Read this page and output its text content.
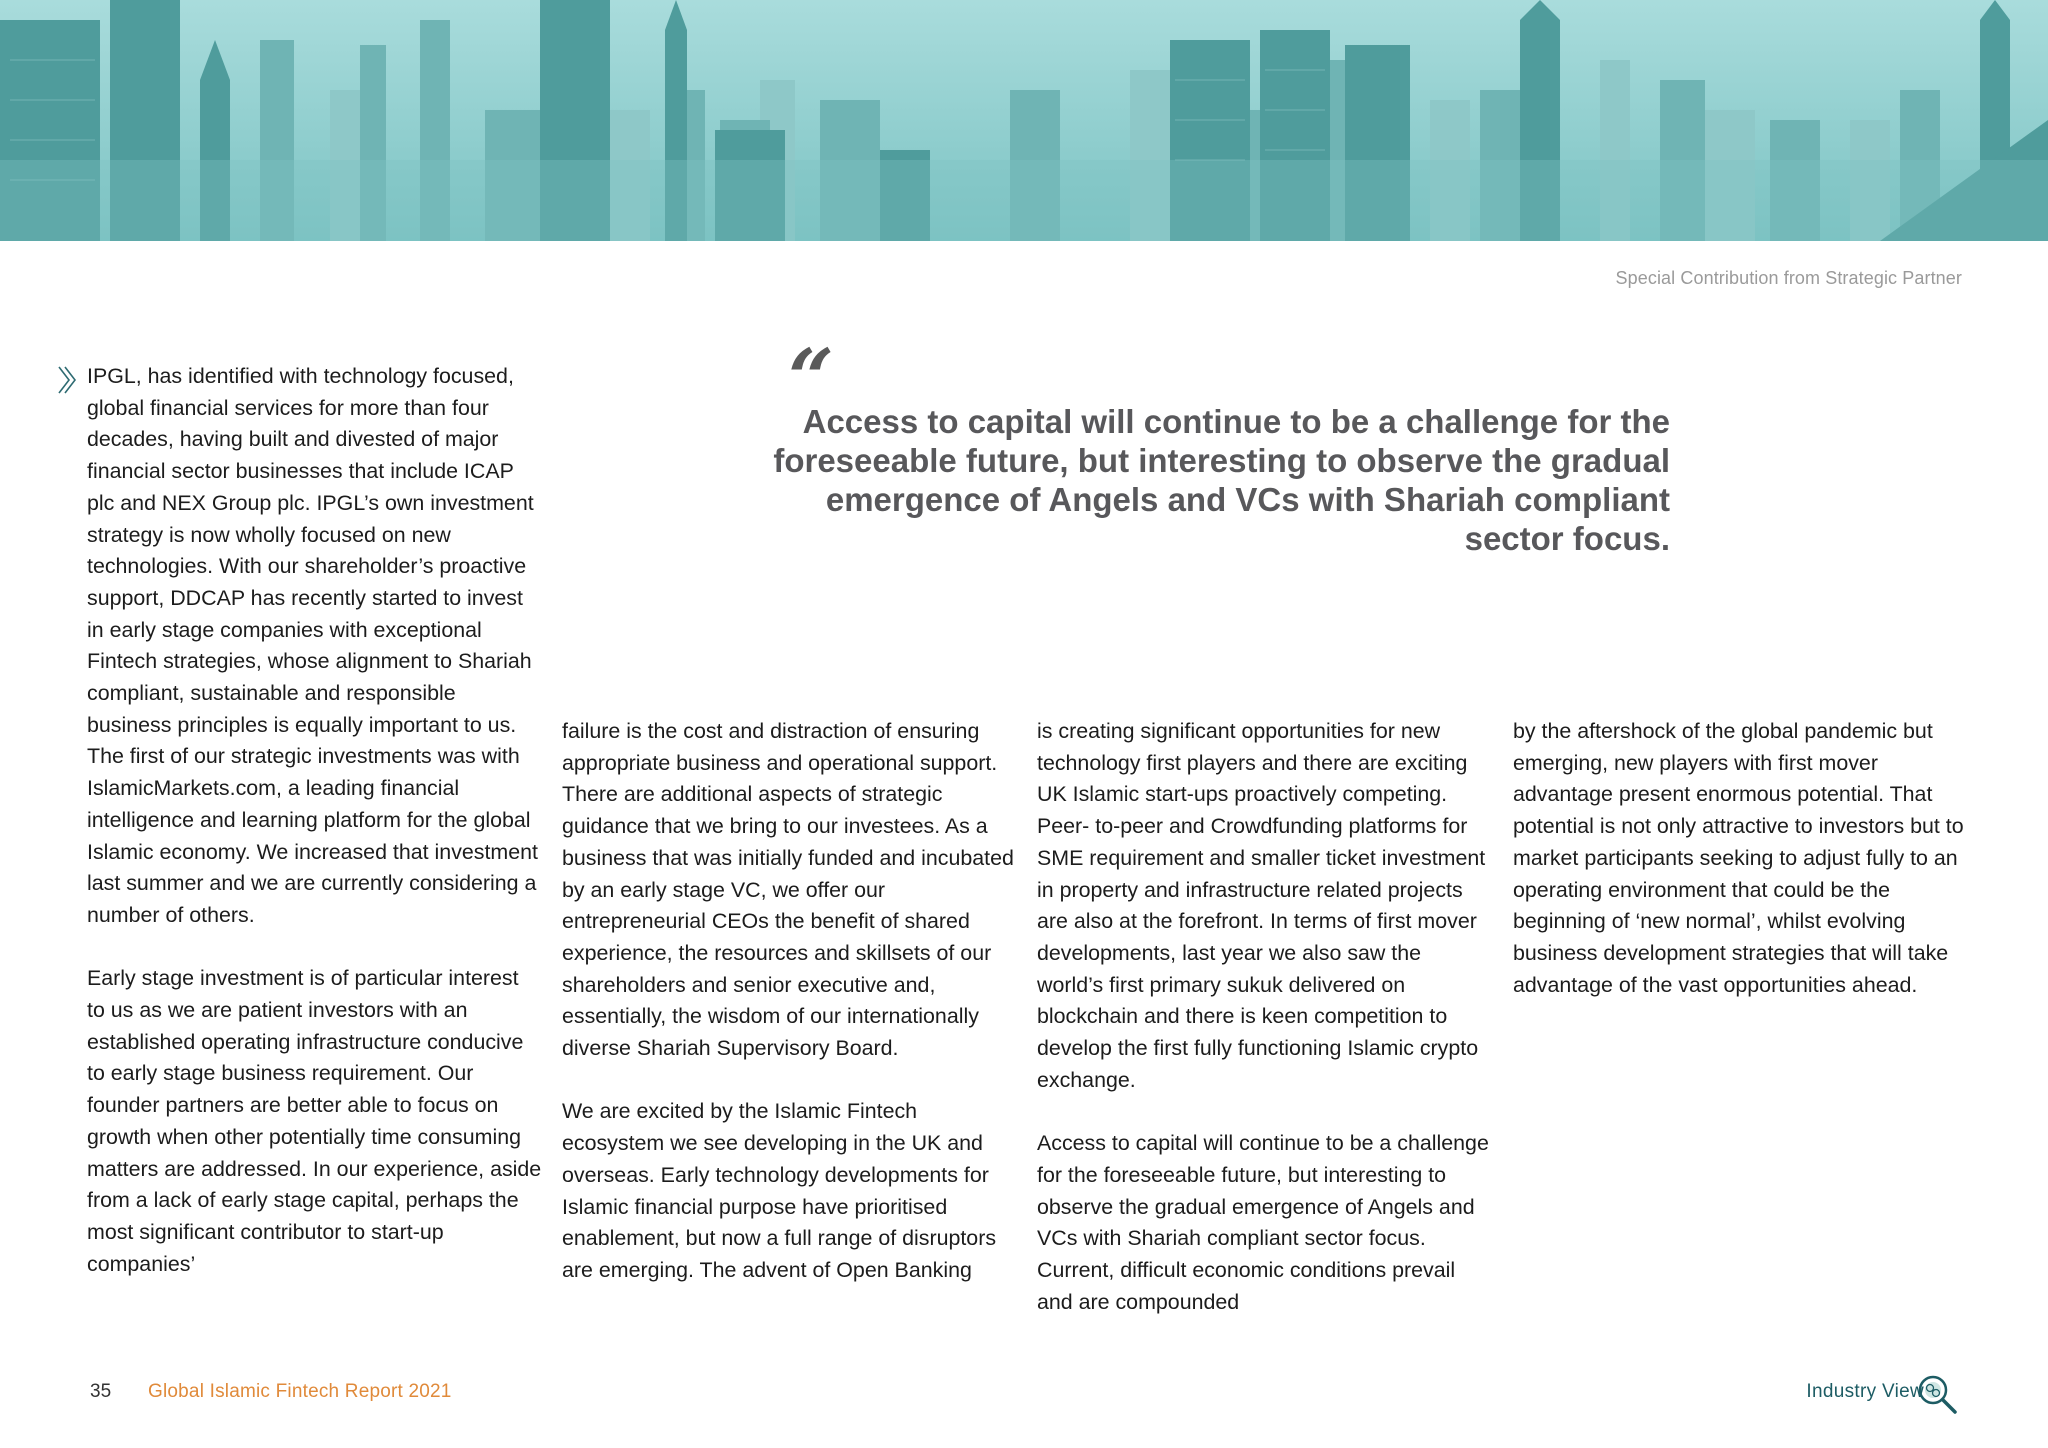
Special Contribution from Strategic Partner
“

Access to capital will continue to be a challenge for the foreseeable future, but interesting to observe the gradual emergence of Angels and VCs with Shariah compliant sector focus.

IPGL, has identified with technology focused, global financial services for more than four decades, having built and divested of major financial sector businesses that include ICAP plc and NEX Group plc. IPGL’s own investment strategy is now wholly focused on new technologies. With our shareholder’s proactive support, DDCAP has recently started to invest in early stage companies with exceptional Fintech strategies, whose alignment to Shariah compliant, sustainable and responsible business principles is equally important to us. The first of our strategic investments was with IslamicMarkets.com, a leading financial intelligence and learning platform for the global Islamic economy. We increased that investment last summer and we are currently considering a number of others.

Early stage investment is of particular interest to us as we are patient investors with an established operating infrastructure conducive to early stage business requirement. Our founder partners are better able to focus on growth when other potentially time consuming matters are addressed. In our experience, aside from a lack of early stage capital, perhaps the most significant contributor to start-up companies’

failure is the cost and distraction of ensuring appropriate business and operational support. There are additional aspects of strategic guidance that we bring to our investees. As a business that was initially funded and incubated by an early stage VC, we offer our entrepreneurial CEOs the benefit of shared experience, the resources and skillsets of our shareholders and senior executive and, essentially, the wisdom of our internationally diverse Shariah Supervisory Board.

We are excited by the Islamic Fintech ecosystem we see developing in the UK and overseas. Early technology developments for Islamic financial purpose have prioritised enablement, but now a full range of disruptors are emerging. The advent of Open Banking

is creating significant opportunities for new technology first players and there are exciting UK Islamic start-ups proactively competing. Peer- to-peer and Crowdfunding platforms for SME requirement and smaller ticket investment in property and infrastructure related projects are also at the forefront. In terms of first mover developments, last year we also saw the world’s first primary sukuk delivered on blockchain and there is keen competition to develop the first fully functioning Islamic crypto exchange.

Access to capital will continue to be a challenge for the foreseeable future, but interesting to observe the gradual emergence of Angels and VCs with Shariah compliant sector focus. Current, difficult economic conditions prevail and are compounded

by the aftershock of the global pandemic but emerging, new players with first mover advantage present enormous potential. That potential is not only attractive to investors but to market participants seeking to adjust fully to an operating environment that could be the beginning of ‘new normal’, whilst evolving business development strategies that will take advantage of the vast opportunities ahead.

35 Global Islamic Fintech Report 2021	Industry View
